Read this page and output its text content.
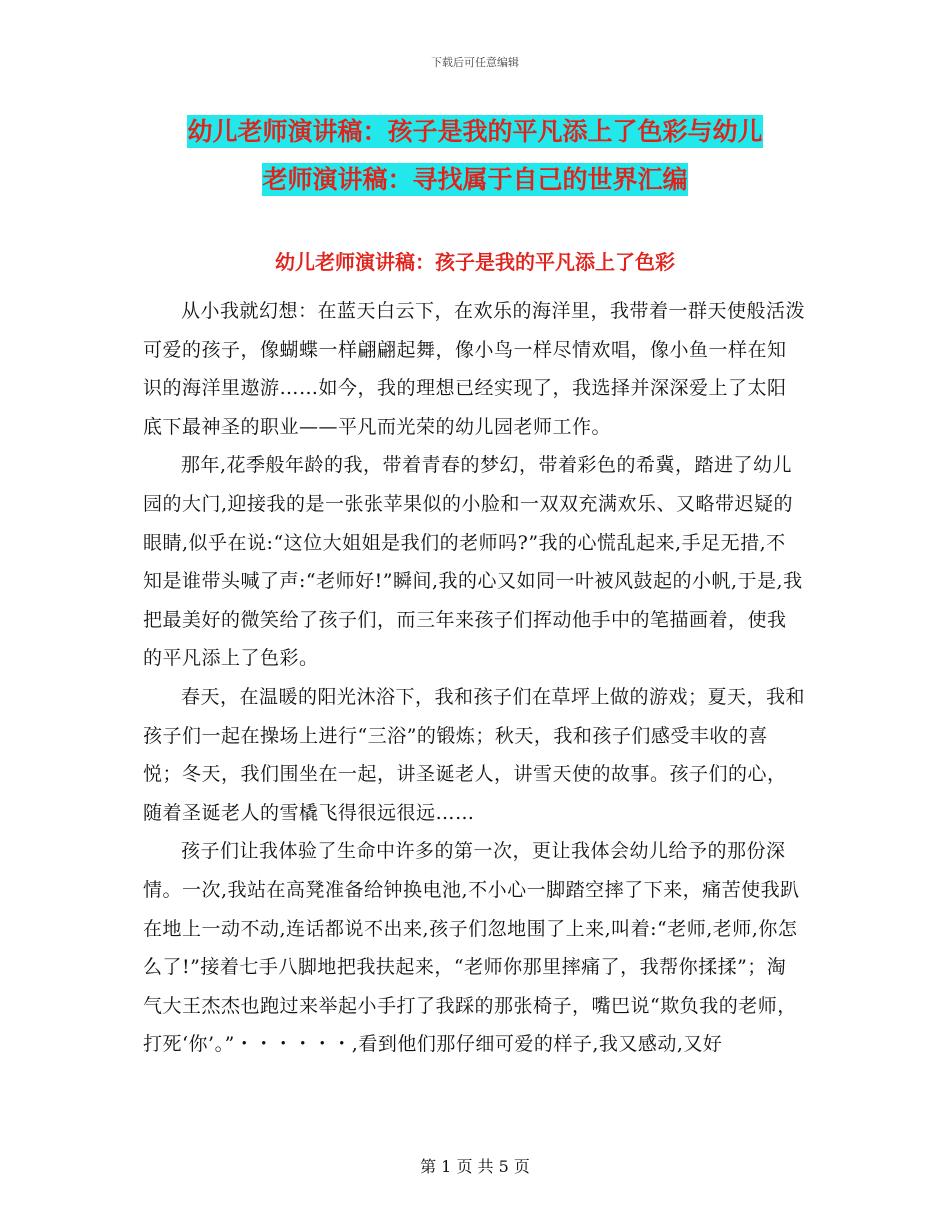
下载后可任意编辑
幼儿老师演讲稿：孩子是我的平凡添上了色彩与幼儿
老师演讲稿：寻找属于自己的世界汇编
幼儿老师演讲稿：孩子是我的平凡添上了色彩

从小我就幻想：在蓝天白云下，在欢乐的海洋里，我带着一群天使般活泼可爱的孩子，像蝴蝶一样翩翩起舞，像小鸟一样尽情欢唱，像小鱼一样在知识的海洋里遨游……如今，我的理想已经实现了，我选择并深深爱上了太阳底下最神圣的职业——平凡而光荣的幼儿园老师工作。

那年,花季般年龄的我，带着青春的梦幻，带着彩色的希冀，踏进了幼儿园的大门,迎接我的是一张张苹果似的小脸和一双双充满欢乐、又略带迟疑的眼睛,似乎在说:“这位大姐姐是我们的老师吗?”我的心慌乱起来,手足无措,不知是谁带头喊了声:“老师好!”瞬间,我的心又如同一叶被风鼓起的小帆,于是,我把最美好的微笑给了孩子们，而三年来孩子们挥动他手中的笔描画着，使我的平凡添上了色彩。

春天，在温暖的阳光沐浴下，我和孩子们在草坪上做的游戏；夏天，我和孩子们一起在操场上进行“三浴”的锻炼；秋天，我和孩子们感受丰收的喜悦；冬天，我们围坐在一起，讲圣诞老人，讲雪天使的故事。孩子们的心，随着圣诞老人的雪橇飞得很远很远……

孩子们让我体验了生命中许多的第一次，更让我体会幼儿给予的那份深情。一次,我站在高凳准备给钟换电池,不小心一脚踏空摔了下来，痛苦使我趴在地上一动不动,连话都说不出来,孩子们忽地围了上来,叫着:“老师,老师,你怎么了!”接着七手八脚地把我扶起来，“老师你那里摔痛了，我帮你揉揉”；淘气大王杰杰也跑过来举起小手打了我踩的那张椅子，嘴巴说“欺负我的老师，打死‘你’。”・・・・・・,看到他们那仔细可爱的样子,我又感动,又好

第 1 页 共 5 页
